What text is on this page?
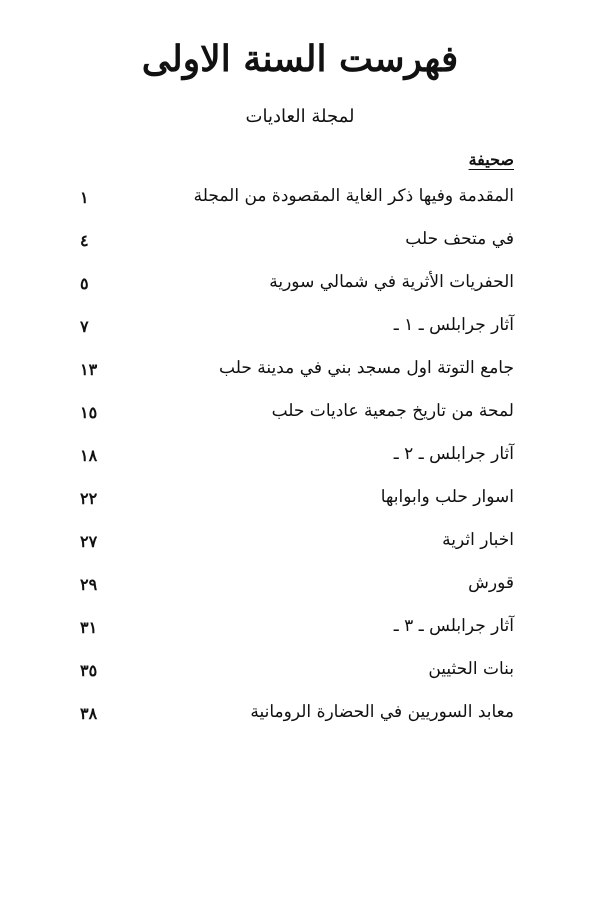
فهرست السنة الاولى
لمجلة العاديات
صحيفة
المقدمة وفيها ذكر الغاية المقصودة من المجلة
١
في متحف حلب
٤
الحفريات الأثرية في شمالي سورية
٥
آثار جرابلس ـ ١ ـ
٧
جامع التوتة اول مسجد بني في مدينة حلب
١٣
لمحة من تاريخ جمعية عاديات حلب
١٥
آثار جرابلس ـ ٢ ـ
١٨
اسوار حلب وابوابها
٢٢
اخبار اثرية
٢٧
قورش
٢٩
آثار جرابلس ـ ٣ ـ
٣١
بنات الحثيين
٣٥
معابد السوريين في الحضارة الرومانية
٣٨
